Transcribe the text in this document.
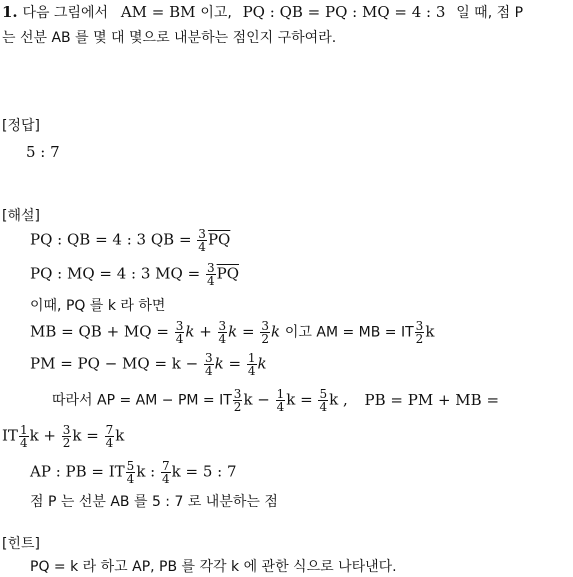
1. 다음 그림에서 AM = BM 이고, PQ : QB = PQ : MQ = 4 : 3 일 때, 점 P
는 선분 AB 를 몇 대 몇으로 내분하는 점인지 구하여라.
[정답]
5 : 7
[해설]
PQ : QB = 4 : 3 QB = $\frac{3}{4} \overline{PQ}$
PQ : MQ = 4 : 3 MQ = $\frac{3}{4} \overline{PQ}$
이때, PQ 를 k 라 하면
MB = QB + MQ = $\frac{3}{4}$ $k + \frac{3}{4}$ $k = \frac{3}{2}$ k 이고 AM = MB = IT $\frac{3}{2}$ k
PM = PQ − MQ = $k - \frac{3}{4}$ $k = \frac{1}{4}$ k
따라서 AP = AM − PM = IT $\frac{3}{2}$ $k - \frac{1}{4}$ $k = \frac{5}{4}$ k , PB = PM + MB =
IT $\frac{1}{4}$ $k + \frac{3}{2}$ $k = \frac{7}{4}$ k
AP : PB = IT $\frac{5}{4}$ k : $\frac{7}{4}$ k = 5 : 7
점 P 는 선분 AB 를 5 : 7 로 내분하는 점
[힌트]
PQ = k 라 하고 AP, PB 를 각각 k 에 관한 식으로 나타낸다.
